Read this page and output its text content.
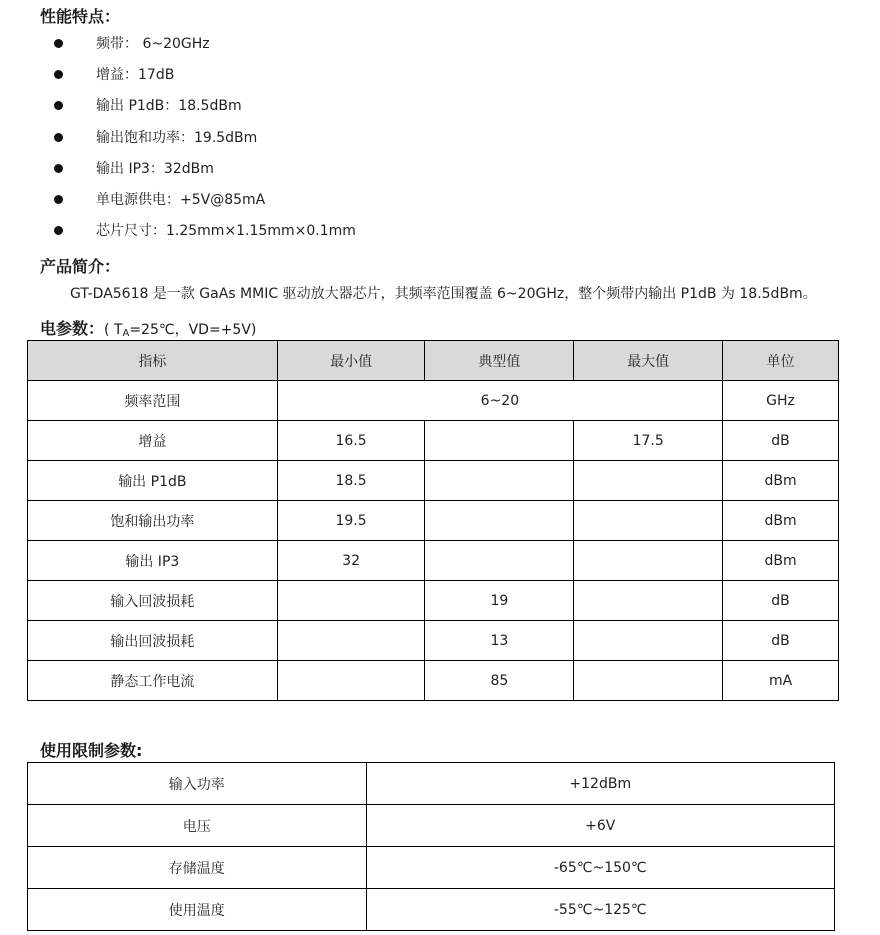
性能特点：
频带： 6~20GHz
增益：17dB
输出 P1dB：18.5dBm
输出饱和功率：19.5dBm
输出 IP3：32dBm
单电源供电：+5V@85mA
芯片尺寸：1.25mm×1.15mm×0.1mm
产品简介：
GT-DA5618 是一款 GaAs MMIC 驱动放大器芯片，其频率范围覆盖 6~20GHz，整个频带内输出 P1dB 为 18.5dBm。
电参数：( $T_A=25℃$，VD=+5V)
指标	最小值	典型值	最大值	单位
频率范围	6~20			GHz
增益	16.5		17.5	dB
输出 P1dB	18.5			dBm
饱和输出功率	19.5			dBm
输出 IP3	32			dBm
输入回波损耗		19		dB
输出回波损耗		13		dB
静态工作电流		85		mA
使用限制参数:
输入功率	+12dBm
电压	+6V
存储温度	-65℃~150℃
使用温度	-55℃~125℃
